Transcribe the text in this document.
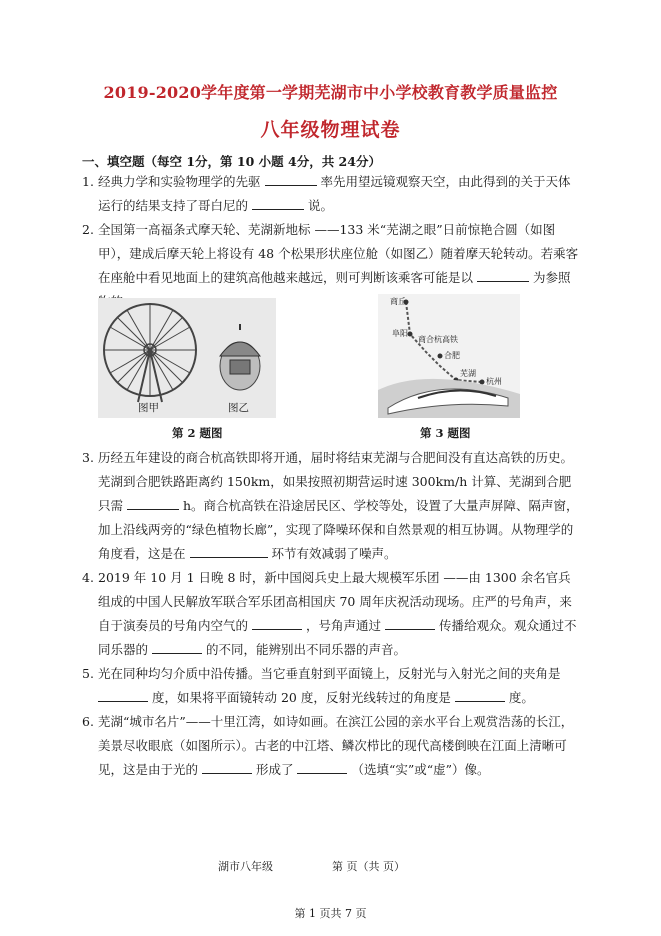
2019-2020学年度第一学期芜湖市中小学校教育教学质量监控
八年级物理试卷
一、填空题（每空 1分，第 10 小题 4分，共 24分）
1. 经典力学和实验物理学的先驱	率先用望远镜观察天空，由此得到的关于天体运行的结果支持了哥白尼的	说。
2. 全国第一高福条式摩天轮、芜湖新地标 ——133 米“芜湖之眼”日前惊艳合圆（如图甲），建成后摩天轮上将设有 48 个松果形状座位舱（如图乙）随着摩天轮转动。若乘客在座舱中看见地面上的建筑高他越来越远，则可判断该乘客可能是以	为参照
图甲	图乙
第 2 题图
商丘
阜阳
商合杭高铁
合肥
芜湖
杭州
第 3 题图
3. 历经五年建设的商合杭高铁即将开通，届时将结束芜湖与合肥间没有直达高铁的历史。芜湖到合肥铁路距离约 150km，如果按照初期营运时速 300km/h 计算、芜湖到合肥只需	h。商合杭高铁在沿途居民区、学校等处，设置了大量声屏障、隔声窗，加上沿线两旁的“绿色植物长廊”，实现了降噪环保和自然景观的相互协调。从物理学的角度看，这是在	环节有效减弱了噪声。
4. 2019 年 10 月 1 日晚 8 时，新中国阅兵史上最大规模军乐团 ——由 1300 余名官兵组成的中国人民解放军联合军乐团高相国庆 70 周年庆祝活动现场。庄严的号角声，来自于演奏员的号角内空气的	，号角声通过	传播给观众。观众通过不同乐器的	的不同，能辨别出不同乐器的声音。
5. 光在同种均匀介质中沿传播。当它垂直射到平面镜上，反射光与入射光之间的夹角是  度，如果将平面镜转动 20 度，反射光线转过的角度是	度。
6. 芜湖“城市名片”——十里江湾，如诗如画。在滨江公园的亲水平台上观赏浩荡的长江，美景尽收眼底（如图所示）。古老的中江塔、鳞次栉比的现代高楼倒映在江面上清晰可见，这是由于光的	形成了	（选填“实”或“虚”）像。
湖市八年级	第 页（共 页）
第 1 页共 7 页
